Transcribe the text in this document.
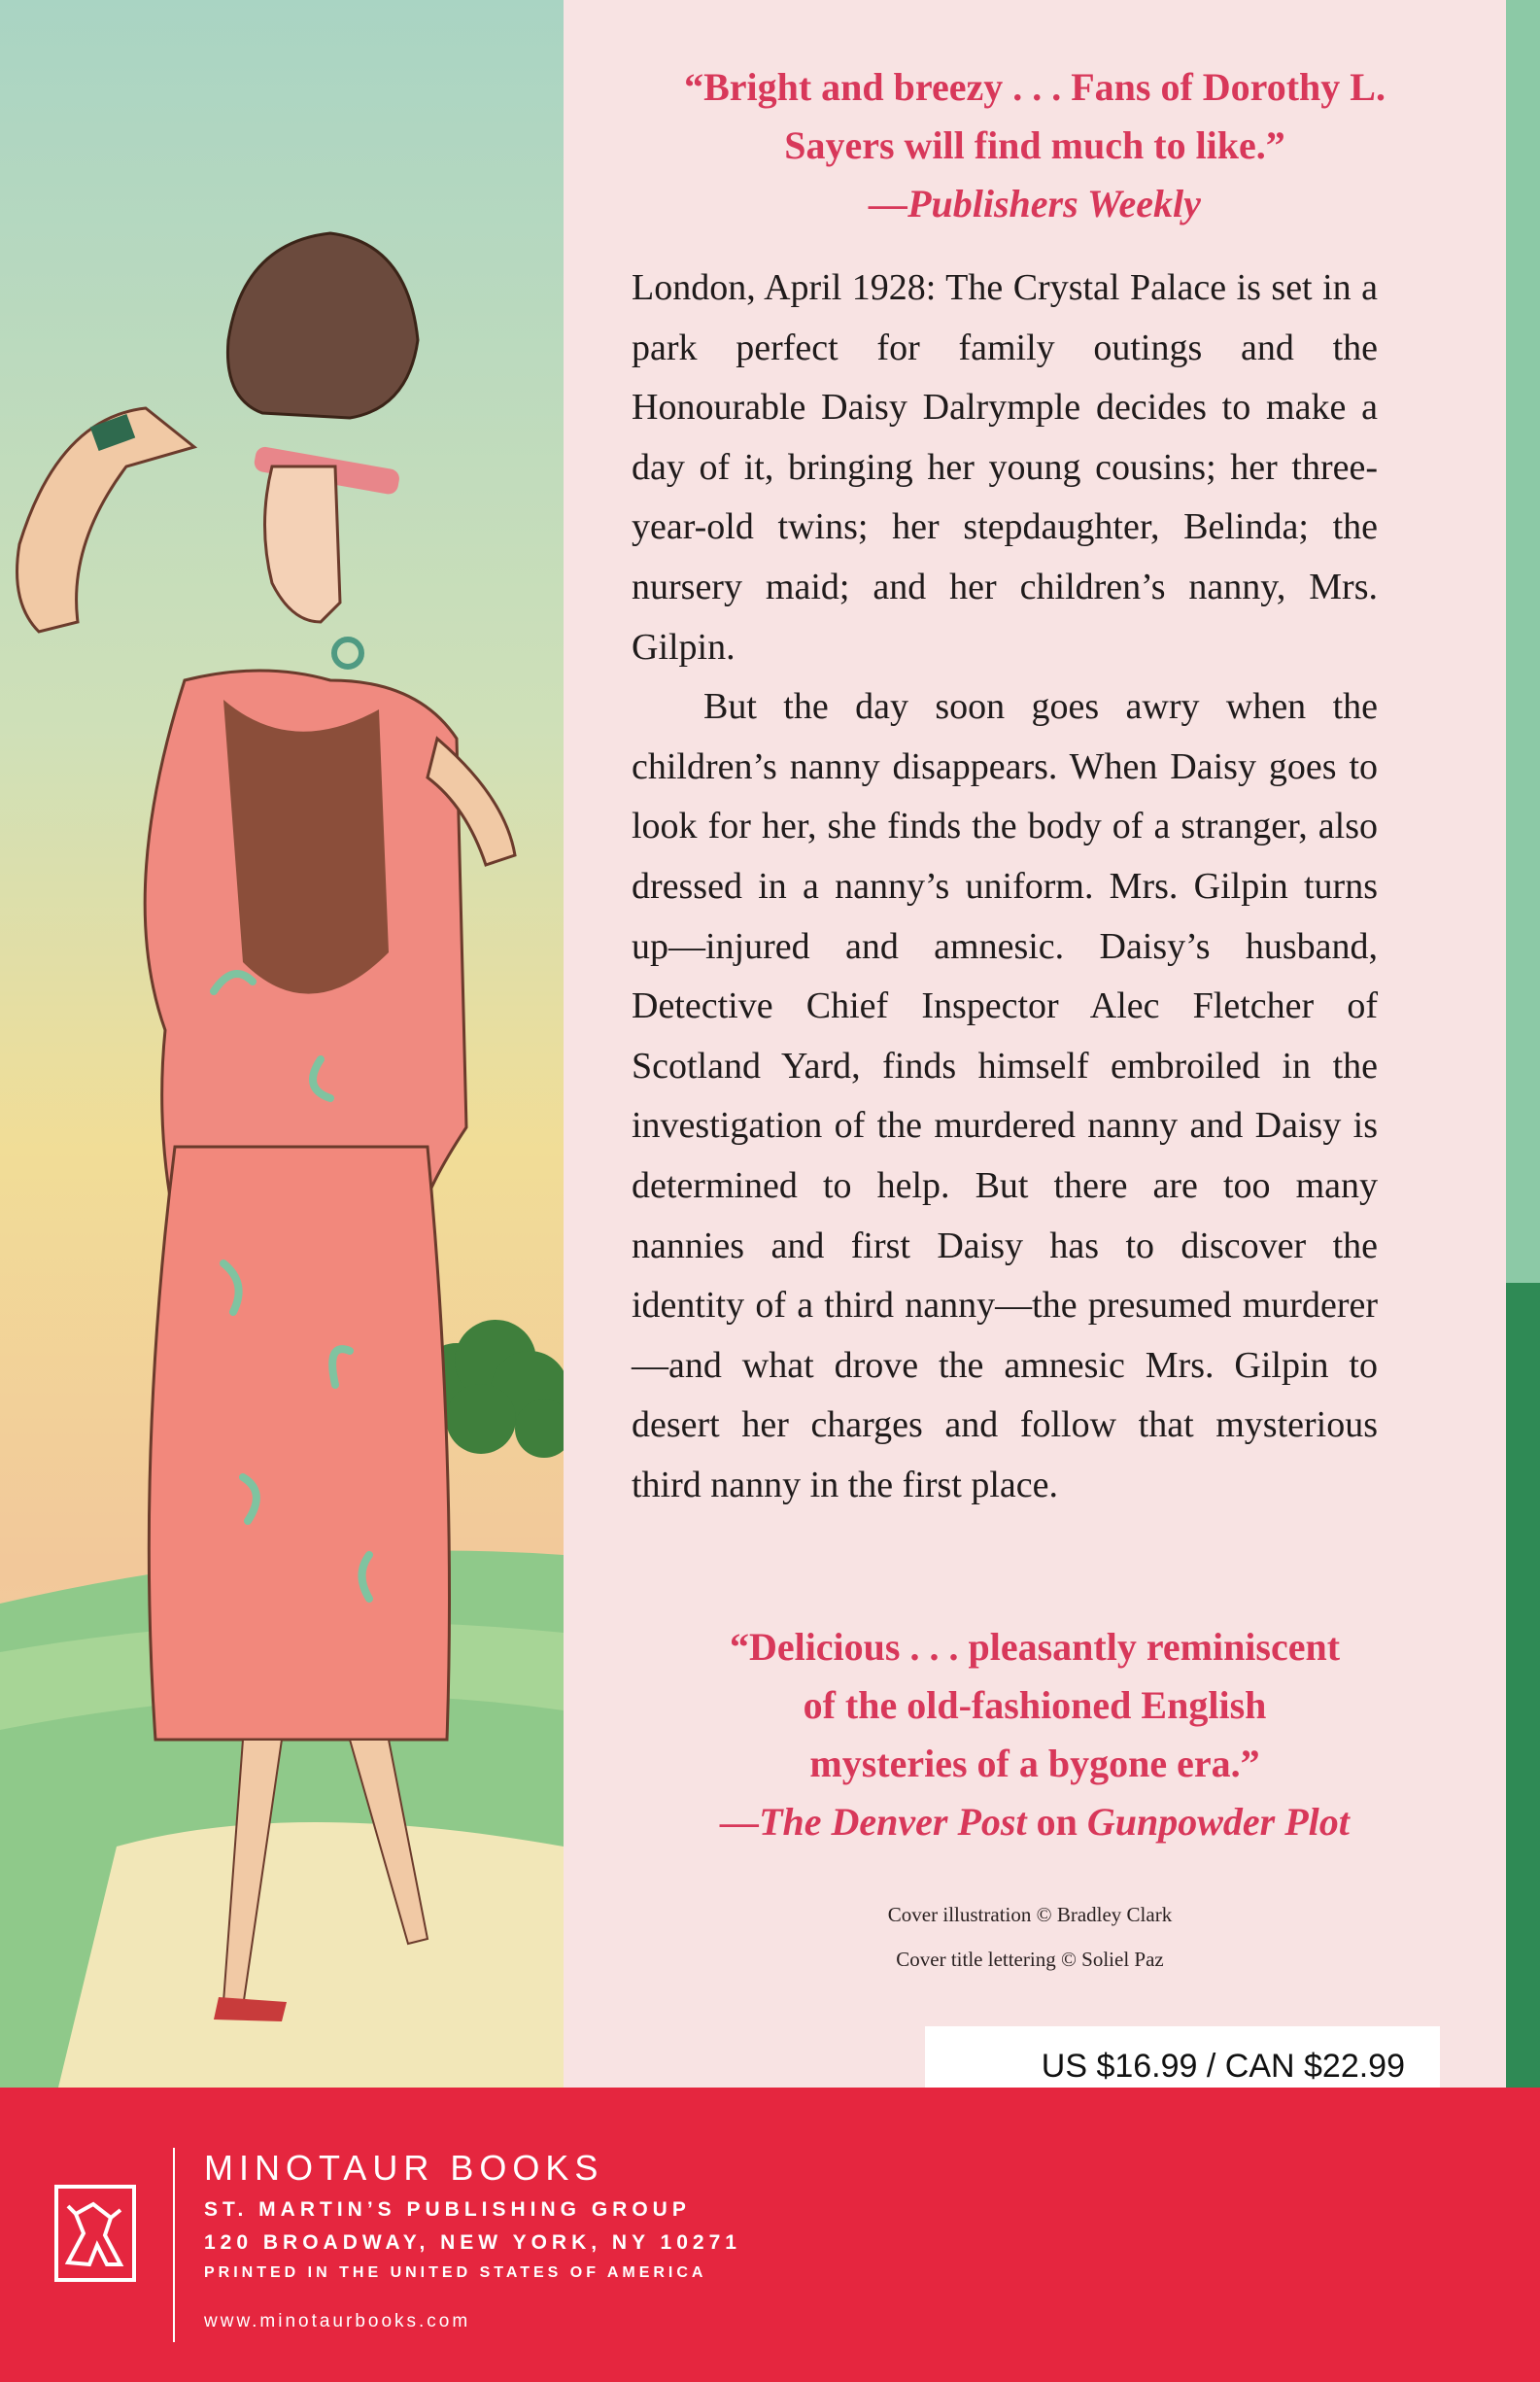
“Bright and breezy . . . Fans of Dorothy L.
Sayers will find much to like.”
—Publishers Weekly

London, April 1928: The Crystal Palace is set in a park perfect for family outings and the Honourable Daisy Dalrymple decides to make a day of it, bringing her young cousins; her three-year-old twins; her stepdaughter, Belinda; the nursery maid; and her children’s nanny, Mrs. Gilpin.

But the day soon goes awry when the children’s nanny disappears. When Daisy goes to look for her, she finds the body of a stranger, also dressed in a nanny’s uniform. Mrs. Gilpin turns up—injured and amnesic. Daisy’s husband, Detective Chief Inspector Alec Fletcher of Scotland Yard, finds himself embroiled in the investigation of the murdered nanny and Daisy is determined to help. But there are too many nannies and first Daisy has to discover the identity of a third nanny—the presumed murderer—and what drove the amnesic Mrs. Gilpin to desert her charges and follow that mysterious third nanny in the first place.

“Delicious . . . pleasantly reminiscent
of the old-fashioned English
mysteries of a bygone era.”
—The Denver Post on Gunpowder Plot
Cover illustration © Bradley Clark
Cover title lettering © Soliel Paz
US $16.99 / CAN $22.99
MINOTAUR BOOKS
ST. MARTIN’S PUBLISHING GROUP
120 BROADWAY, NEW YORK, NY 10271
PRINTED IN THE UNITED STATES OF AMERICA
www.minotaurbooks.com
